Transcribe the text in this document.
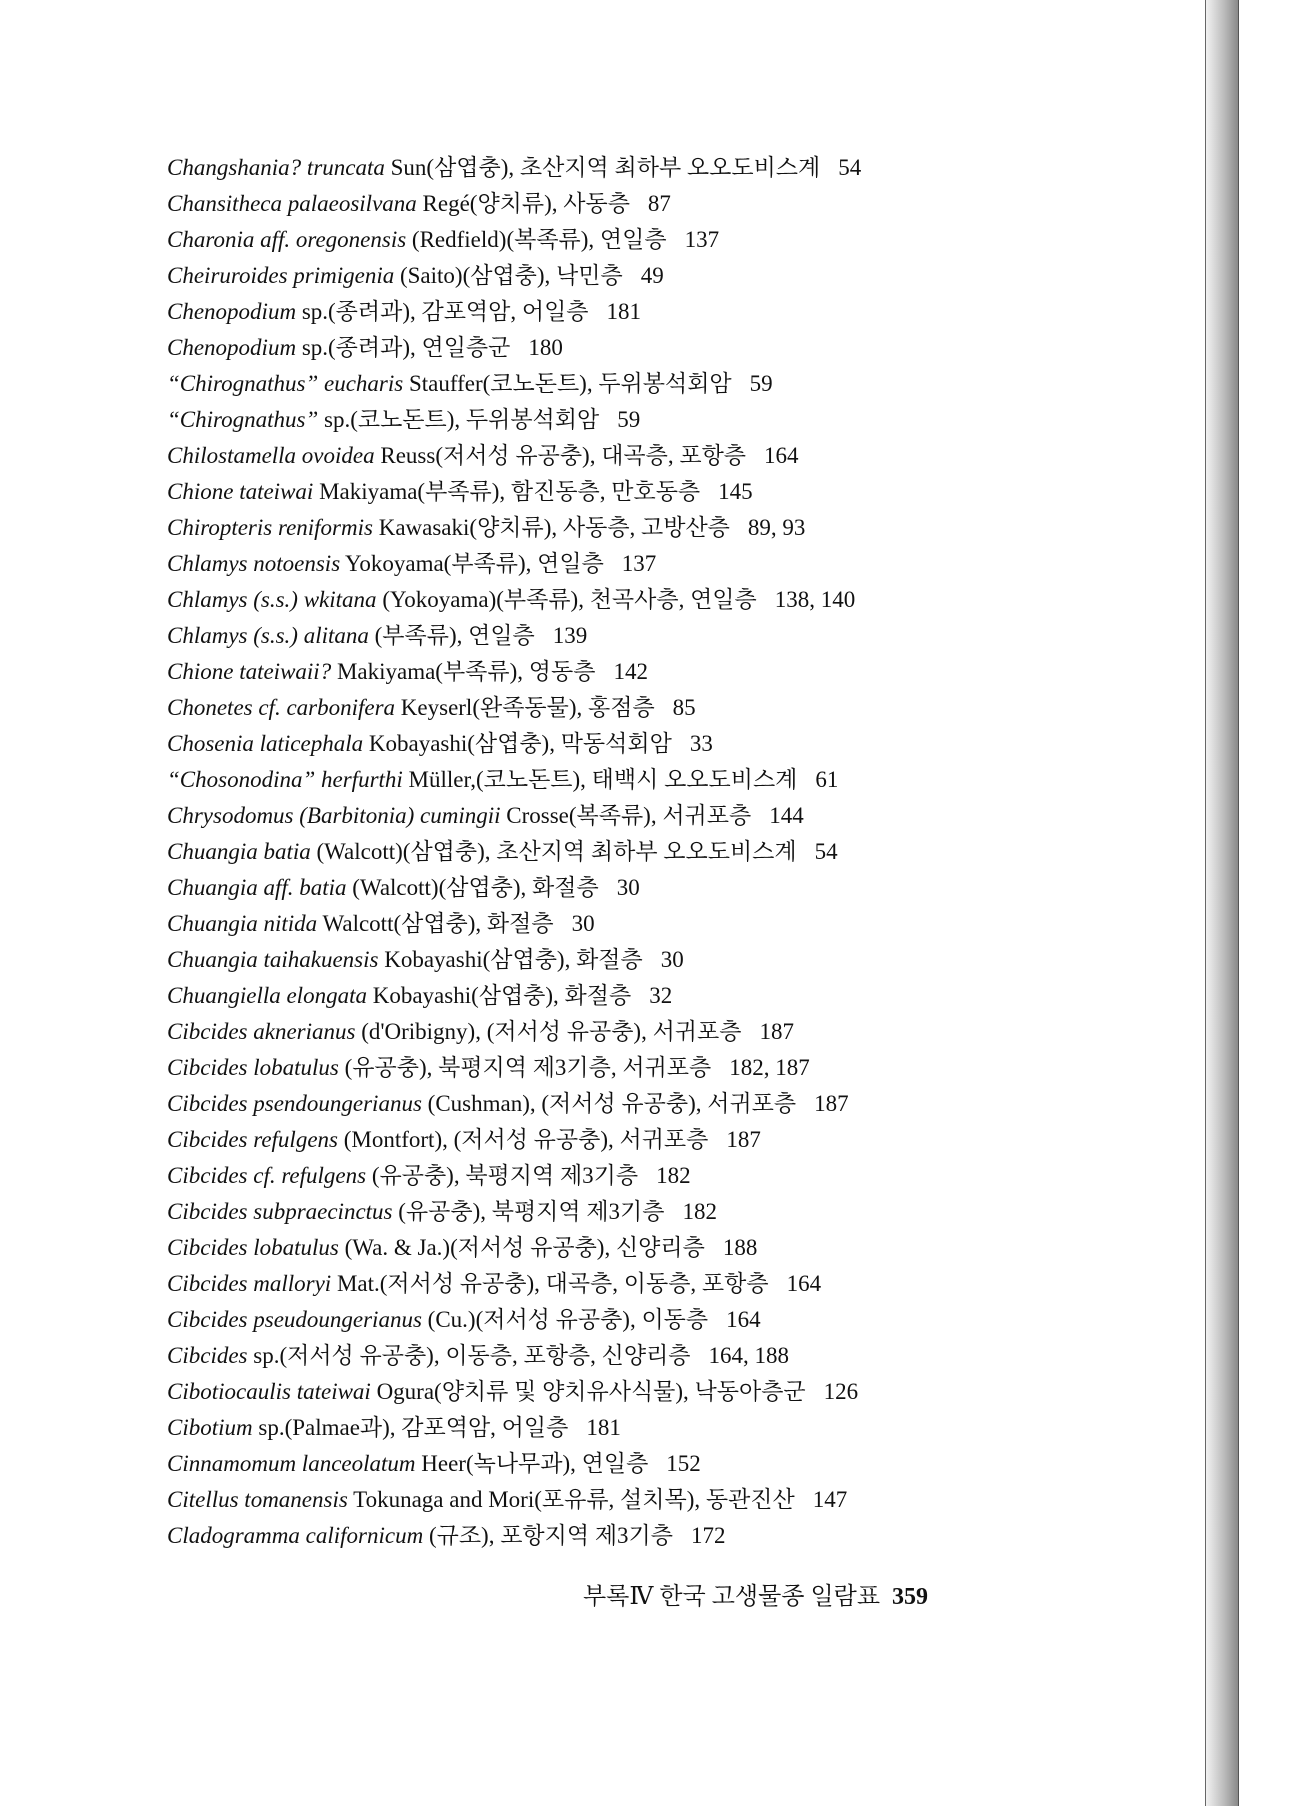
Changshania? truncata Sun(삼엽충), 초산지역 최하부 오오도비스계 54
Chansitheca palaeosilvana Regé(양치류), 사동층 87
Charonia aff. oregonensis (Redfield)(복족류), 연일층 137
Cheiruroides primigenia (Saito)(삼엽충), 낙민층 49
Chenopodium sp.(종려과), 감포역암, 어일층 181
Chenopodium sp.(종려과), 연일층군 180
“Chirognathus” eucharis Stauffer(코노돈트), 두위봉석회암 59
“Chirognathus” sp.(코노돈트), 두위봉석회암 59
Chilostamella ovoidea Reuss(저서성 유공충), 대곡층, 포항층 164
Chione tateiwai Makiyama(부족류), 함진동층, 만호동층 145
Chiropteris reniformis Kawasaki(양치류), 사동층, 고방산층 89, 93
Chlamys notoensis Yokoyama(부족류), 연일층 137
Chlamys (s.s.) wkitana (Yokoyama)(부족류), 천곡사층, 연일층 138, 140
Chlamys (s.s.) alitana (부족류), 연일층 139
Chione tateiwaii? Makiyama(부족류), 영동층 142
Chonetes cf. carbonifera Keyserl(완족동물), 홍점층 85
Chosenia laticephala Kobayashi(삼엽충), 막동석회암 33
“Chosonodina” herfurthi Müller,(코노돈트), 태백시 오오도비스계 61
Chrysodomus (Barbitonia) cumingii Crosse(복족류), 서귀포층 144
Chuangia batia (Walcott)(삼엽충), 초산지역 최하부 오오도비스계 54
Chuangia aff. batia (Walcott)(삼엽충), 화절층 30
Chuangia nitida Walcott(삼엽충), 화절층 30
Chuangia taihakuensis Kobayashi(삼엽충), 화절층 30
Chuangiella elongata Kobayashi(삼엽충), 화절층 32
Cibcides aknerianus (d'Oribigny), (저서성 유공충), 서귀포층 187
Cibcides lobatulus (유공충), 북평지역 제3기층, 서귀포층 182, 187
Cibcides psendoungerianus (Cushman), (저서성 유공충), 서귀포층 187
Cibcides refulgens (Montfort), (저서성 유공충), 서귀포층 187
Cibcides cf. refulgens (유공충), 북평지역 제3기층 182
Cibcides subpraecinctus (유공충), 북평지역 제3기층 182
Cibcides lobatulus (Wa. & Ja.)(저서성 유공충), 신양리층 188
Cibcides malloryi Mat.(저서성 유공충), 대곡층, 이동층, 포항층 164
Cibcides pseudoungerianus (Cu.)(저서성 유공충), 이동층 164
Cibcides sp.(저서성 유공충), 이동층, 포항층, 신양리층 164, 188
Cibotiocaulis tateiwai Ogura(양치류 및 양치유사식물), 낙동아층군 126
Cibotium sp.(Palmae과), 감포역암, 어일층 181
Cinnamomum lanceolatum Heer(녹나무과), 연일층 152
Citellus tomanensis Tokunaga and Mori(포유류, 설치목), 동관진산 147
Cladogramma californicum (규조), 포항지역 제3기층 172
부록Ⅳ 한국 고생물종 일람표 359
